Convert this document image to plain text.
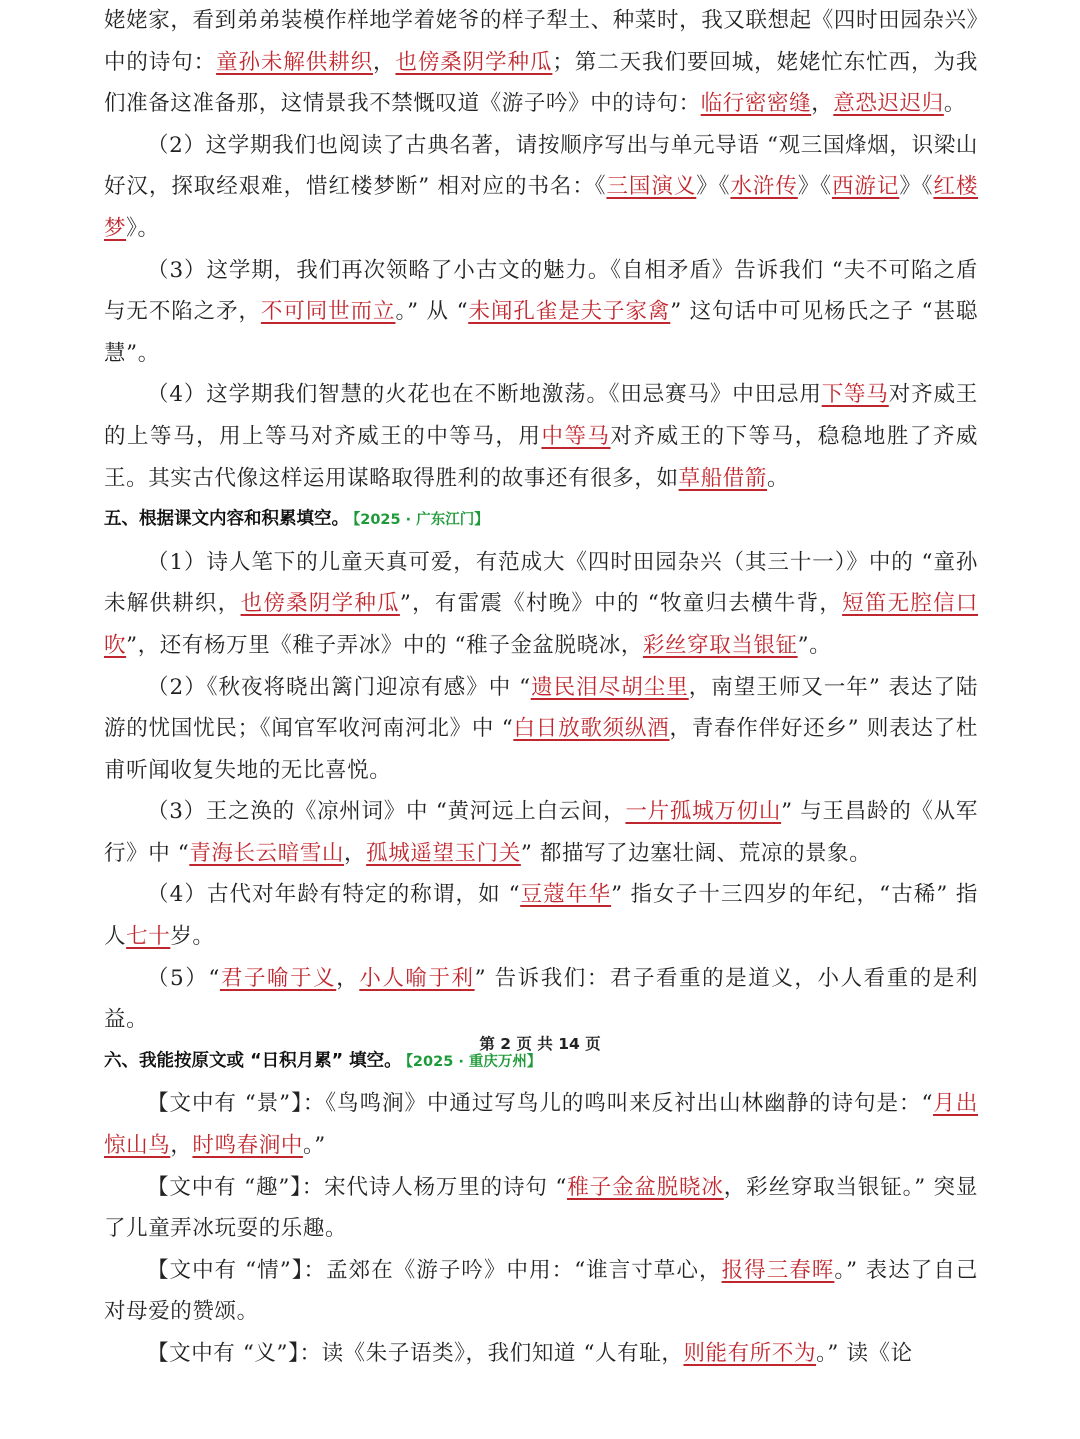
姥姥家，看到弟弟装模作样地学着姥爷的样子犁土、种菜时，我又联想起《四时田园杂兴》中的诗句：童孙未解供耕织，也傍桑阴学种瓜；第二天我们要回城，姥姥忙东忙西，为我们准备这准备那，这情景我不禁慨叹道《游子吟》中的诗句：临行密密缝，意恐迟迟归。

（2）这学期我们也阅读了古典名著，请按顺序写出与单元导语 “观三国烽烟，识梁山好汉，探取经艰难，惜红楼梦断” 相对应的书名：《三国演义》《水浒传》《西游记》《红楼梦》。

（3）这学期，我们再次领略了小古文的魅力。《自相矛盾》告诉我们 “夫不可陷之盾与无不陷之矛，不可同世而立。” 从 “未闻孔雀是夫子家禽” 这句话中可见杨氏之子 “甚聪慧”。

（4）这学期我们智慧的火花也在不断地激荡。《田忌赛马》中田忌用下等马对齐威王的上等马，用上等马对齐威王的中等马，用中等马对齐威王的下等马，稳稳地胜了齐威王。其实古代像这样运用谋略取得胜利的故事还有很多，如草船借箭。

五、根据课文内容和积累填空。 【2025 · 广东江门】

（1）诗人笔下的儿童天真可爱，有范成大《四时田园杂兴（其三十一）》中的 “童孙未解供耕织，也傍桑阴学种瓜”，有雷震《村晚》中的 “牧童归去横牛背，短笛无腔信口吹”，还有杨万里《稚子弄冰》中的 “稚子金盆脱晓冰，彩丝穿取当银钲”。

（2）《秋夜将晓出篱门迎凉有感》中 “遗民泪尽胡尘里，南望王师又一年” 表达了陆游的忧国忧民；《闻官军收河南河北》中 “白日放歌须纵酒，青春作伴好还乡” 则表达了杜甫听闻收复失地的无比喜悦。

（3）王之涣的《凉州词》中 “黄河远上白云间，一片孤城万仞山” 与王昌龄的《从军行》中 “青海长云暗雪山，孤城遥望玉门关” 都描写了边塞壮阔、荒凉的景象。

（4）古代对年龄有特定的称谓，如 “豆蔻年华” 指女子十三四岁的年纪，“古稀” 指人七十岁。

（5）“君子喻于义，小人喻于利” 告诉我们：君子看重的是道义，小人看重的是利益。

六、我能按原文或 “日积月累” 填空。 【2025 · 重庆万州】

【文中有 “景”】：《鸟鸣涧》中通过写鸟儿的鸣叫来反衬出山林幽静的诗句是：“月出惊山鸟，时鸣春涧中。”

【文中有 “趣”】：宋代诗人杨万里的诗句 “稚子金盆脱晓冰，彩丝穿取当银钲。” 突显了儿童弄冰玩耍的乐趣。

【文中有 “情”】：孟郊在《游子吟》中用：“谁言寸草心，报得三春晖。” 表达了自己对母爱的赞颂。

【文中有 “义”】：读《朱子语类》，我们知道 “人有耻，则能有所不为。” 读《论

第 2 页 共 14 页
